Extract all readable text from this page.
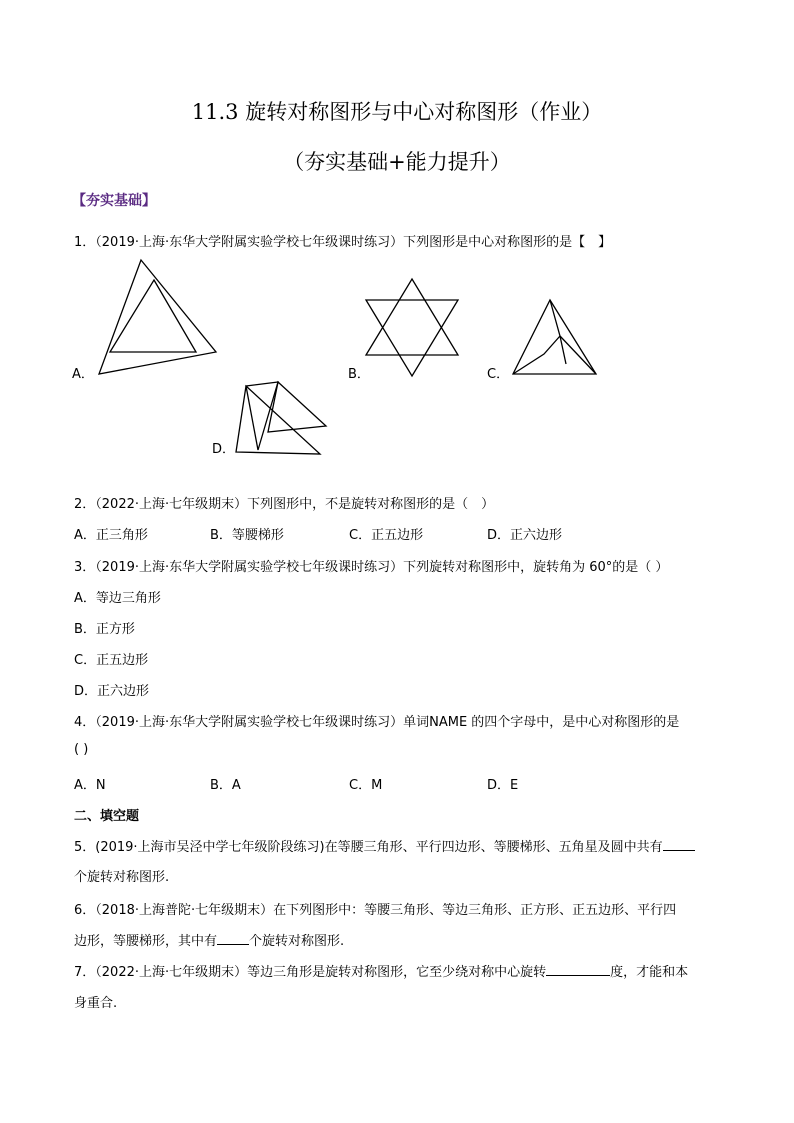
11.3 旋转对称图形与中心对称图形（作业）
（夯实基础+能力提升）
【夯实基础】
1．（2019·上海·东华大学附属实验学校七年级课时练习）下列图形是中心对称图形的是【　】
A．	B．	C．
D．
2．（2022·上海·七年级期末）下列图形中，不是旋转对称图形的是（　）
A．正三角形	B．等腰梯形	C．正五边形	D．正六边形
3．（2019·上海·东华大学附属实验学校七年级课时练习）下列旋转对称图形中，旋转角为 60°的是（ ）
A．等边三角形
B．正方形
C．正五边形
D．正六边形
4．（2019·上海·东华大学附属实验学校七年级课时练习）单词NAME 的四个字母中，是中心对称图形的是
( )
A．N	B．A	C．M	D．E
二、填空题
5．(2019·上海市吴泾中学七年级阶段练习)在等腰三角形、平行四边形、等腰梯形、五角星及圆中共有
个旋转对称图形.
6．（2018·上海普陀·七年级期末）在下列图形中：等腰三角形、等边三角形、正方形、正五边形、平行四
边形，等腰梯形，其中有 个旋转对称图形.
7．（2022·上海·七年级期末）等边三角形是旋转对称图形，它至少绕对称中心旋转	度，才能和本
身重合.
